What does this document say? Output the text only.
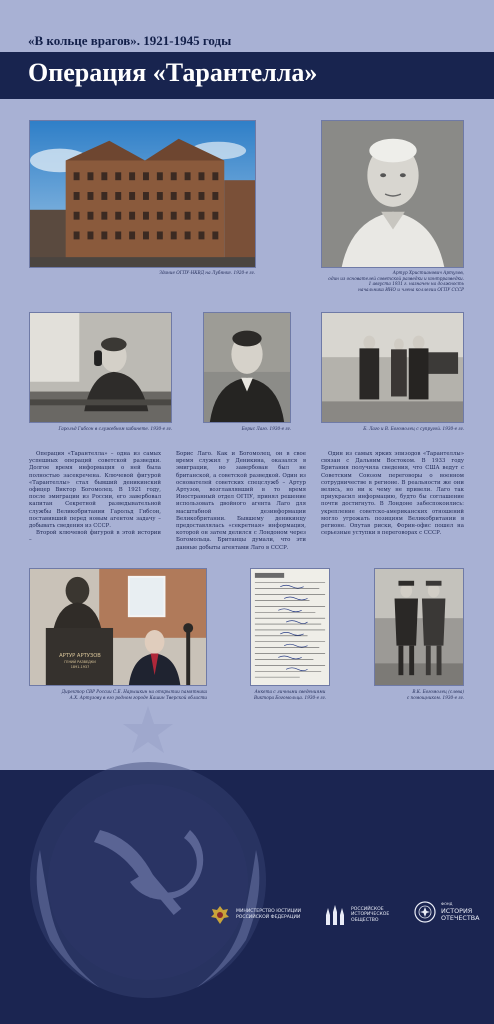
«В кольце врагов». 1921-1945 годы
Операция «Тарантелла»
Здание ОГПУ-НКВД на Лубянке. 1920-е гг.	Артур Христианович Артузов,
один из основателей советской разведки и контрразведки.
1 августа 1931 г. назначен на должность
начальника ИНО и члена коллегии ОГПУ СССР
Гарольд Гибсон в служебном кабинете. 1930-е гг.	Борис Лаго. 1930-е гг.	Б. Лаго и В. Богомолец с супругой. 1930-е гг.

Операция «Тарантелла» – одна из самых успешных операций советской разведки. Долгое время информация о ней была полностью засекречена. Ключевой фигурой «Тарантеллы» стал бывший деникинский офицер Виктор Богомолец. В 1921 году, после эмиграции из России, его завербовал капитан Секретной разведывательной службы Великобритании Гарольд Гибсон, поставивший перед новым агентом задачу – добывать сведения из СССР.

Второй ключевой фигурой в этой истории –

Борис Лаго. Как и Богомолец, он в свое время служил у Деникина, оказался в эмиграции, но завербован был не британской, а советской разведкой. Один из основателей советских спецслужб – Артур Артузов, возглавлявший в то время Иностранный отдел ОГПУ, принял решение использовать двойного агента Лаго для масштабной дезинформации Великобритании. Бывшему деникинцу предоставлялась «секретная» информация, которой он затем делился с Лондоном через Богомольца. Британцы думали, что эти данные добыты агентами Лаго в СССР.

Один из самых ярких эпизодов «Тарантеллы» связан с Дальним Востоком. В 1933 году Британия получила сведения, что США ведут с Советским Союзом переговоры о военном сотрудничестве в регионе. В реальности же они велись, но ни к чему не привели. Лаго так приукрасил информацию, будто бы соглашение почти достигнуто. В Лондоне забеспокоились: укрепление советско-американских отношений могло угрожать позициям Великобритании в регионе. Опутав риски, Форин-офис пошел на серьезные уступки в переговорах с СССР.

АРТУР АРТУЗОВ
ГЕНИЙ РАЗВЕДКИ
1891-1937
Директор СВР России С.Е. Нарышкин на открытии памятника
А.Х. Артузову в его родном городе Кашин Тверской области
Анкета с личными сведениями
Виктора Богомольца. 1930-е гг.
В.К. Богомолец (слева)
с помощником. 1930-е гг.
МИНИСТЕРСТВО ЮСТИЦИИ
РОССИЙСКОЙ ФЕДЕРАЦИИ
РОССИЙСКОЕ
ИСТОРИЧЕСКОЕ
ОБЩЕСТВО
ФОНД
ИСТОРИЯ
ОТЕЧЕСТВА
